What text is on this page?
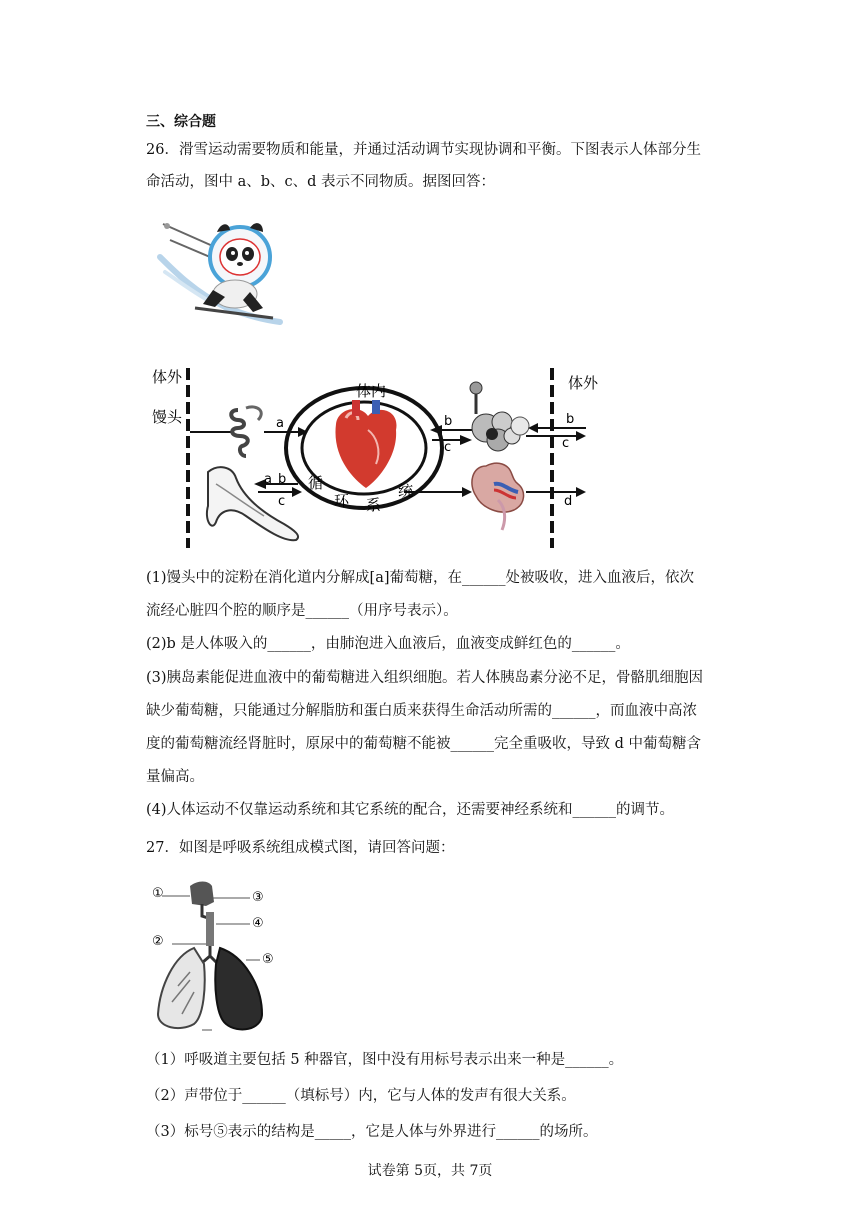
三、综合题
26．滑雪运动需要物质和能量，并通过活动调节实现协调和平衡。下图表示人体部分生
命活动，图中 a、b、c、d 表示不同物质。据图回答：
体外	体外
体内
馒头	a	b
c
b
c
a b
c	d
循
环 系
统
(1)馒头中的淀粉在消化道内分解成[a]葡萄糖，在______处被吸收，进入血液后，依次
流经心脏四个腔的顺序是______（用序号表示）。
(2)b 是人体吸入的______，由肺泡进入血液后，血液变成鲜红色的______。
(3)胰岛素能促进血液中的葡萄糖进入组织细胞。若人体胰岛素分泌不足，骨骼肌细胞因
缺少葡萄糖，只能通过分解脂肪和蛋白质来获得生命活动所需的______，而血液中高浓
度的葡萄糖流经肾脏时，原尿中的葡萄糖不能被______完全重吸收，导致 d 中葡萄糖含
量偏高。
(4)人体运动不仅靠运动系统和其它系统的配合，还需要神经系统和______的调节。
27．如图是呼吸系统组成模式图，请回答问题：
①
②
③
④
⑤
（1）呼吸道主要包括 5 种器官，图中没有用标号表示出来一种是______。
（2）声带位于______（填标号）内，它与人体的发声有很大关系。
（3）标号⑤表示的结构是_____，它是人体与外界进行______的场所。
试卷第 5页，共 7页
